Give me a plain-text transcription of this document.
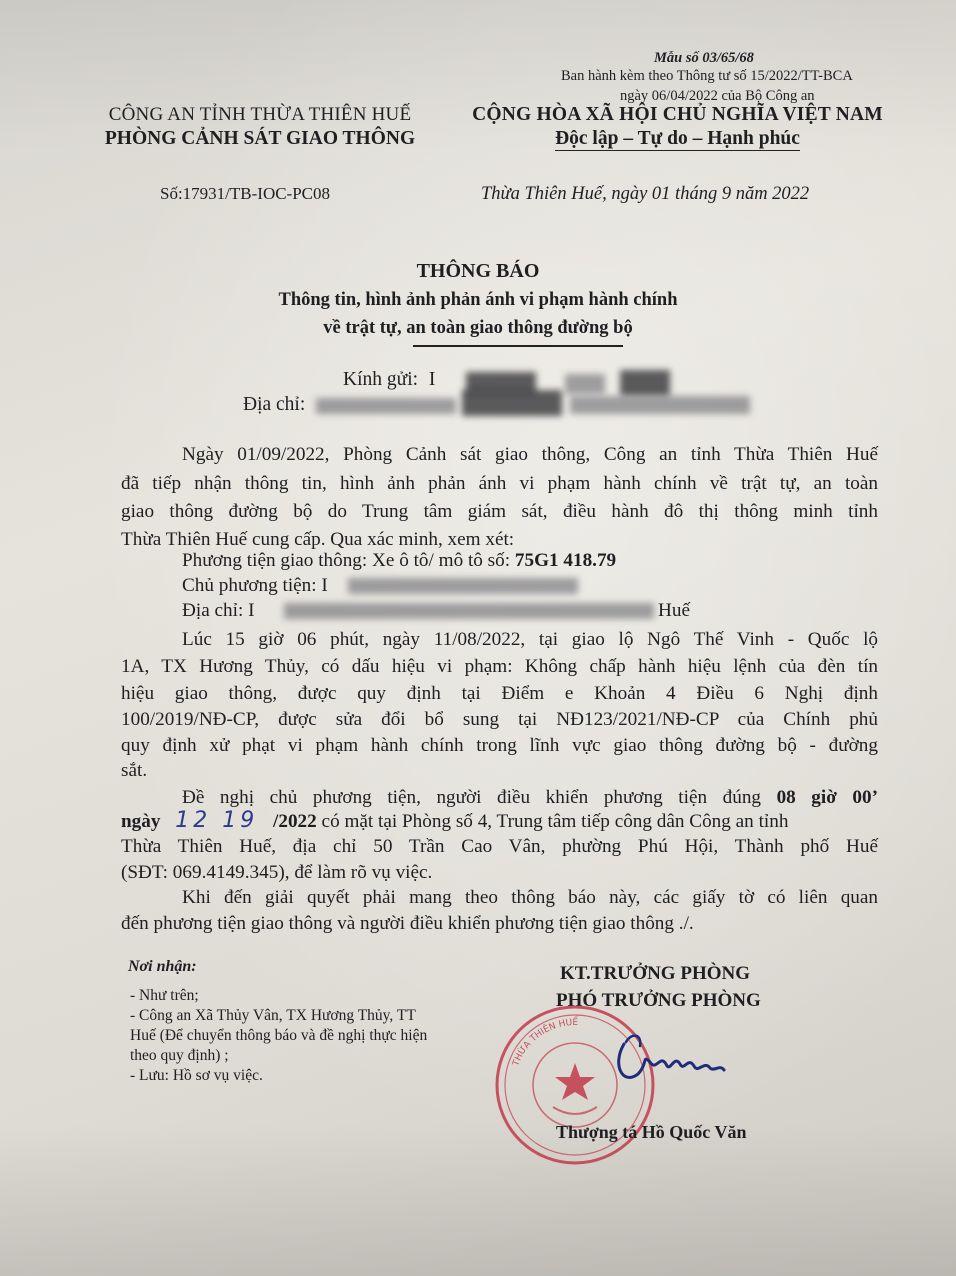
Mẫu số 03/65/68
Ban hành kèm theo Thông tư số 15/2022/TT-BCA
ngày 06/04/2022 của Bộ Công an
CÔNG AN TỈNH THỪA THIÊN HUẾ
PHÒNG CẢNH SÁT GIAO THÔNG
CỘNG HÒA XÃ HỘI CHỦ NGHĨA VIỆT NAM
Độc lập – Tự do – Hạnh phúc
Số:17931/TB-IOC-PC08	Thừa Thiên Huế, ngày 01 tháng 9 năm 2022
THÔNG BÁO
Thông tin, hình ảnh phản ánh vi phạm hành chính
về trật tự, an toàn giao thông đường bộ
Kính gửi: I
Địa chỉ:
Ngày 01/09/2022, Phòng Cảnh sát giao thông, Công an tỉnh Thừa Thiên Huế
đã tiếp nhận thông tin, hình ảnh phản ánh vi phạm hành chính về trật tự, an toàn
giao thông đường bộ do Trung tâm giám sát, điều hành đô thị thông minh tỉnh
Thừa Thiên Huế cung cấp. Qua xác minh, xem xét:
Phương tiện giao thông: Xe ô tô/ mô tô số: 75G1 418.79
Chủ phương tiện: I
Địa chỉ: I	Huế
Lúc 15 giờ 06 phút, ngày 11/08/2022, tại giao lộ Ngô Thế Vinh - Quốc lộ
1A, TX Hương Thủy, có dấu hiệu vi phạm: Không chấp hành hiệu lệnh của đèn tín
hiệu giao thông, được quy định tại Điểm e Khoản 4 Điều 6 Nghị định
100/2019/NĐ-CP, được sửa đổi bổ sung tại NĐ123/2021/NĐ-CP của Chính phủ
quy định xử phạt vi phạm hành chính trong lĩnh vực giao thông đường bộ - đường
sắt.
Đề nghị chủ phương tiện, người điều khiển phương tiện đúng 08 giờ 00’
ngày 12 19 /2022 có mặt tại Phòng số 4, Trung tâm tiếp công dân Công an tỉnh
Thừa Thiên Huế, địa chỉ 50 Trần Cao Vân, phường Phú Hội, Thành phố Huế
(SĐT: 069.4149.345), để làm rõ vụ việc.
Khi đến giải quyết phải mang theo thông báo này, các giấy tờ có liên quan
đến phương tiện giao thông và người điều khiển phương tiện giao thông ./.
Nơi nhận:
- Như trên;
- Công an Xã Thủy Vân, TX Hương Thủy, TT
Huế (Để chuyển thông báo và đề nghị thực hiện
theo quy định) ;
- Lưu: Hồ sơ vụ việc.
KT.TRƯỞNG PHÒNG
PHÓ TRƯỞNG PHÒNG
THỪA THIÊN HUẾ
Thượng tá Hồ Quốc Văn
